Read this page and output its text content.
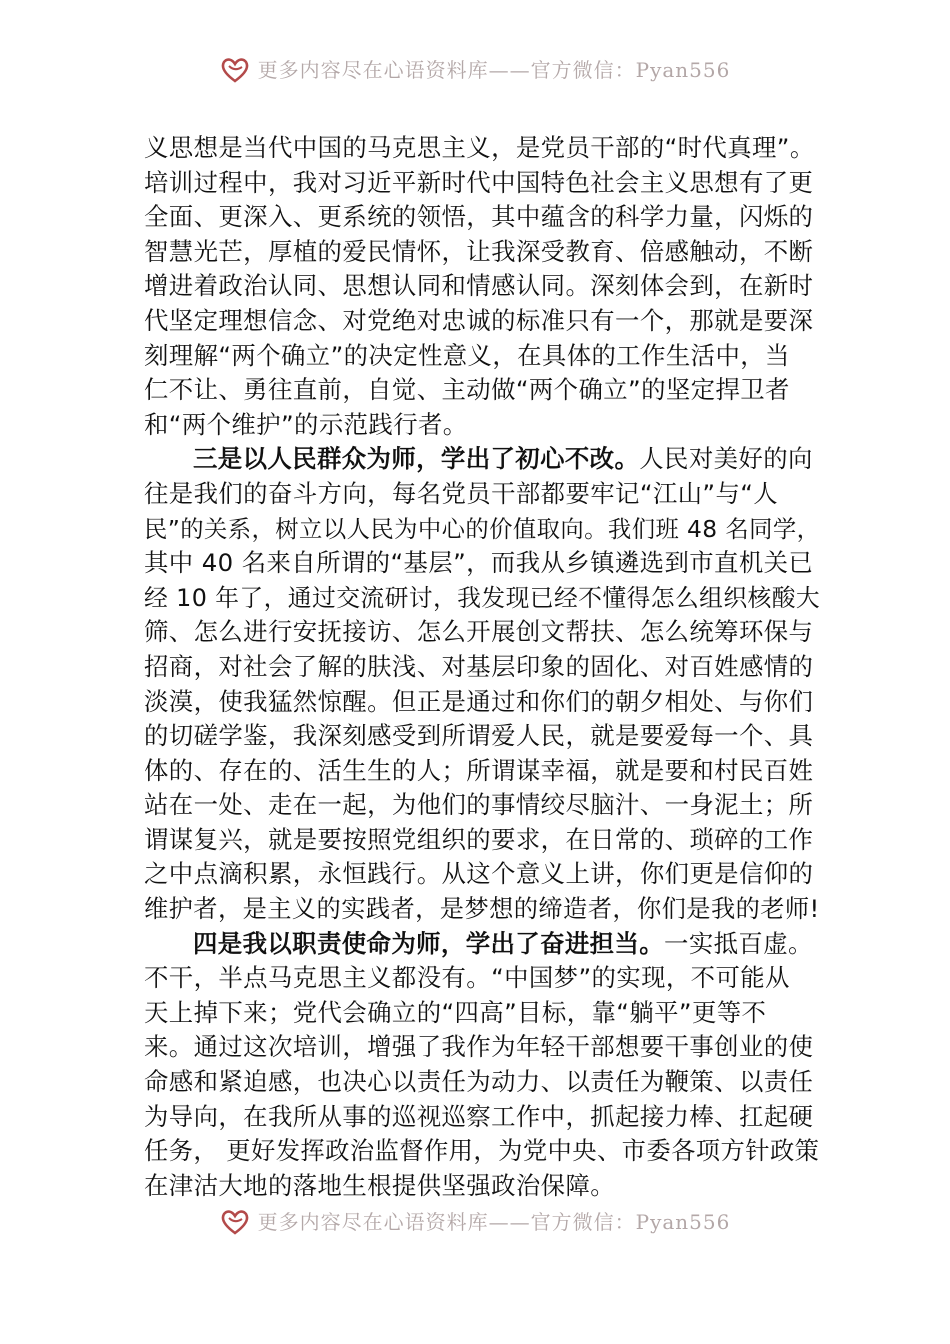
更多内容尽在心语资料库——官方微信：Pyan556
义思想是当代中国的马克思主义，是党员干部的“时代真理”。
培训过程中，我对习近平新时代中国特色社会主义思想有了更
全面、更深入、更系统的领悟，其中蕴含的科学力量，闪烁的
智慧光芒，厚植的爱民情怀，让我深受教育、倍感触动，不断
增进着政治认同、思想认同和情感认同。深刻体会到，在新时
代坚定理想信念、对党绝对忠诚的标准只有一个，那就是要深
刻理解“两个确立”的决定性意义，在具体的工作生活中，当
仁不让、勇往直前，自觉、主动做“两个确立”的坚定捍卫者
和“两个维护”的示范践行者。
三是以人民群众为师，学出了初心不改。人民对美好的向
往是我们的奋斗方向，每名党员干部都要牢记“江山”与“人
民”的关系，树立以人民为中心的价值取向。我们班 48 名同学，
其中 40 名来自所谓的“基层”，而我从乡镇遴选到市直机关已
经 10 年了，通过交流研讨，我发现已经不懂得怎么组织核酸大
筛、怎么进行安抚接访、怎么开展创文帮扶、怎么统筹环保与
招商，对社会了解的肤浅、对基层印象的固化、对百姓感情的
淡漠，使我猛然惊醒。但正是通过和你们的朝夕相处、与你们
的切磋学鉴，我深刻感受到所谓爱人民，就是要爱每一个、具
体的、存在的、活生生的人；所谓谋幸福，就是要和村民百姓
站在一处、走在一起，为他们的事情绞尽脑汁、一身泥土；所
谓谋复兴，就是要按照党组织的要求，在日常的、琐碎的工作
之中点滴积累，永恒践行。从这个意义上讲，你们更是信仰的
维护者，是主义的实践者，是梦想的缔造者，你们是我的老师!
四是我以职责使命为师，学出了奋进担当。一实抵百虚。
不干，半点马克思主义都没有。“中国梦”的实现，不可能从
天上掉下来；党代会确立的“四高”目标，靠“躺平”更等不
来。通过这次培训，增强了我作为年轻干部想要干事创业的使
命感和紧迫感，也决心以责任为动力、以责任为鞭策、以责任
为导向，在我所从事的巡视巡察工作中，抓起接力棒、扛起硬
任务， 更好发挥政治监督作用，为党中央、市委各项方针政策
在津沽大地的落地生根提供坚强政治保障。
更多内容尽在心语资料库——官方微信：Pyan556
